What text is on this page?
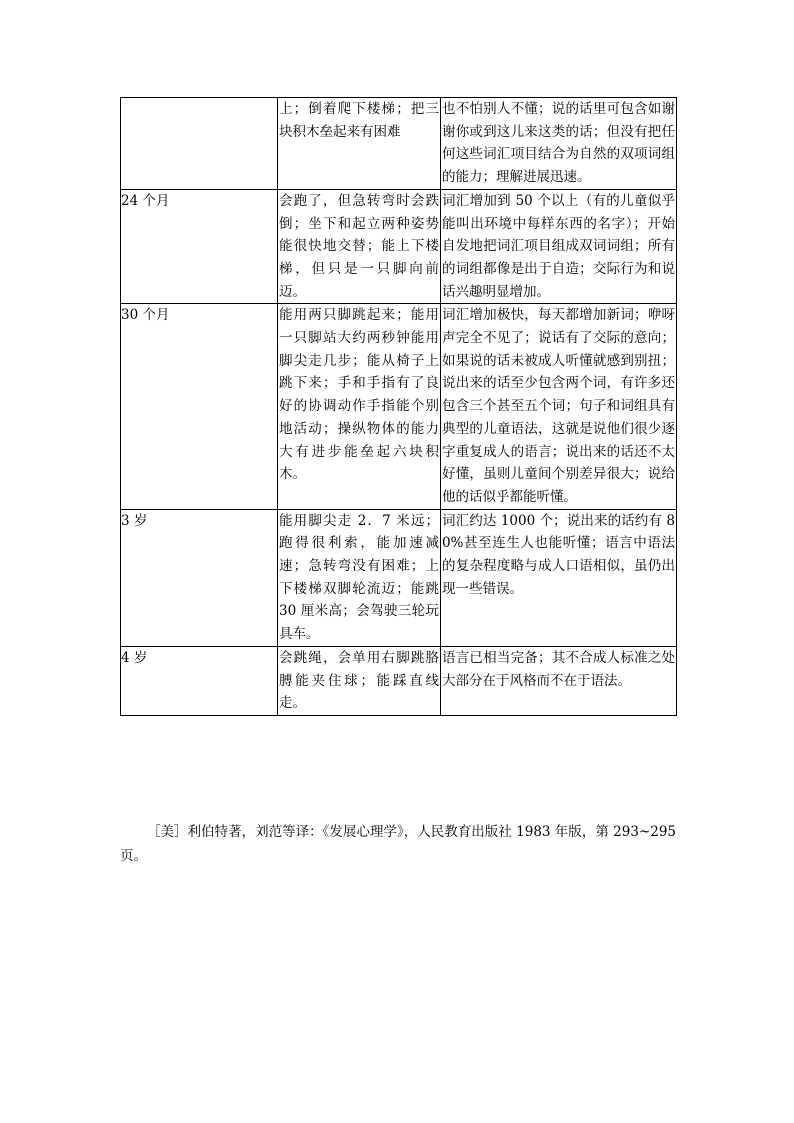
	上；倒着爬下楼梯；把三块积木垒起来有困难	也不怕别人不懂；说的话里可包含如谢谢你或到这儿来这类的话；但没有把任何这些词汇项目结合为自然的双项词组的能力；理解进展迅速。
24 个月	会跑了，但急转弯时会跌倒；坐下和起立两种姿势能很快地交替；能上下楼梯，但只是一只脚向前迈。	词汇增加到 50 个以上（有的儿童似乎能叫出环境中每样东西的名字）；开始自发地把词汇项目组成双词词组；所有的词组都像是出于自造；交际行为和说话兴趣明显增加。
30 个月	能用两只脚跳起来；能用一只脚站大约两秒钟能用脚尖走几步；能从椅子上跳下来；手和手指有了良好的协调动作手指能个别地活动；操纵物体的能力大有进步能垒起六块积木。	词汇增加极快，每天都增加新词；咿呀声完全不见了；说话有了交际的意向；如果说的话未被成人听懂就感到别扭；说出来的话至少包含两个词，有许多还包含三个甚至五个词；句子和词组具有典型的儿童语法，这就是说他们很少逐字重复成人的语言；说出来的话还不太好懂，虽则儿童间个别差异很大；说给他的话似乎都能听懂。
3 岁	能用脚尖走 2．7 米远；跑得很利索，能加速减速；急转弯没有困难；上下楼梯双脚轮流迈；能跳 30 厘米高；会驾驶三轮玩具车。	词汇约达 1000 个；说出来的话约有 80%甚至连生人也能听懂；语言中语法的复杂程度略与成人口语相似，虽仍出现一些错误。
4 岁	会跳绳，会单用右脚跳胳膊能夹住球；能踩直线走。	语言已相当完备；其不合成人标准之处大部分在于风格而不在于语法。

［美］利伯特著，刘范等译：《发展心理学》，人民教育出版社 1983 年版，第 293~295 页。
